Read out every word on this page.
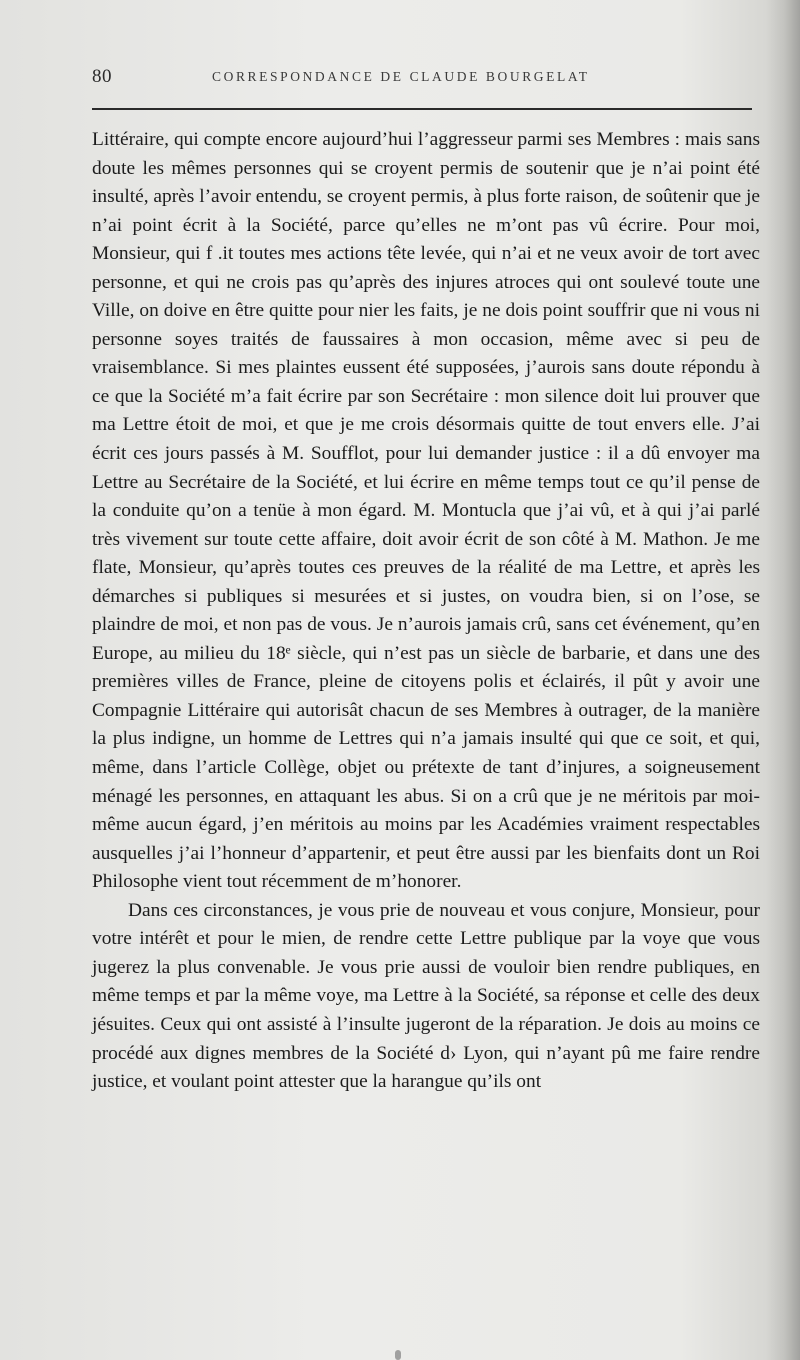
80	CORRESPONDANCE DE CLAUDE BOURGELAT

Littéraire, qui compte encore aujourd’hui l’aggresseur parmi ses Membres : mais sans doute les mêmes personnes qui se croyent permis de soutenir que je n’ai point été insulté, après l’avoir entendu, se croyent permis, à plus forte raison, de soûtenir que je n’ai point écrit à la Société, parce qu’elles ne m’ont pas vû écrire. Pour moi, Monsieur, qui f .it toutes mes actions tête levée, qui n’ai et ne veux avoir de tort avec personne, et qui ne crois pas qu’après des injures atroces qui ont soulevé toute une Ville, on doive en être quitte pour nier les faits, je ne dois point souffrir que ni vous ni personne soyes traités de faussaires à mon occasion, même avec si peu de vraisemblance. Si mes plaintes eussent été supposées, j’aurois sans doute répondu à ce que la Société m’a fait écrire par son Secrétaire : mon silence doit lui prouver que ma Lettre étoit de moi, et que je me crois désormais quitte de tout envers elle. J’ai écrit ces jours passés à M. Soufflot, pour lui demander justice : il a dû envoyer ma Lettre au Secrétaire de la Société, et lui écrire en même temps tout ce qu’il pense de la conduite qu’on a tenüe à mon égard. M. Montucla que j’ai vû, et à qui j’ai parlé très vivement sur toute cette affaire, doit avoir écrit de son côté à M. Mathon. Je me flate, Monsieur, qu’après toutes ces preuves de la réalité de ma Lettre, et après les démarches si publiques si mesurées et si justes, on voudra bien, si on l’ose, se plaindre de moi, et non pas de vous. Je n’aurois jamais crû, sans cet événement, qu’en Europe, au milieu du 18ᵉ siècle, qui n’est pas un siècle de barbarie, et dans une des premières villes de France, pleine de citoyens polis et éclairés, il pût y avoir une Compagnie Littéraire qui autorisât chacun de ses Membres à outrager, de la manière la plus indigne, un homme de Lettres qui n’a jamais insulté qui que ce soit, et qui, même, dans l’article Collège, objet ou prétexte de tant d’injures, a soigneusement ménagé les personnes, en attaquant les abus. Si on a crû que je ne méritois par moi-même aucun égard, j’en méritois au moins par les Académies vraiment respectables ausquelles j’ai l’honneur d’appartenir, et peut être aussi par les bienfaits dont un Roi Philosophe vient tout récemment de m’honorer.

Dans ces circonstances, je vous prie de nouveau et vous conjure, Monsieur, pour votre intérêt et pour le mien, de rendre cette Lettre publique par la voye que vous jugerez la plus convenable. Je vous prie aussi de vouloir bien rendre publiques, en même temps et par la même voye, ma Lettre à la Société, sa réponse et celle des deux jésuites. Ceux qui ont assisté à l’insulte jugeront de la réparation. Je dois au moins ce procédé aux dignes membres de la Société d› Lyon, qui n’ayant pû me faire rendre justice, et voulant point attester que la harangue qu’ils ont
